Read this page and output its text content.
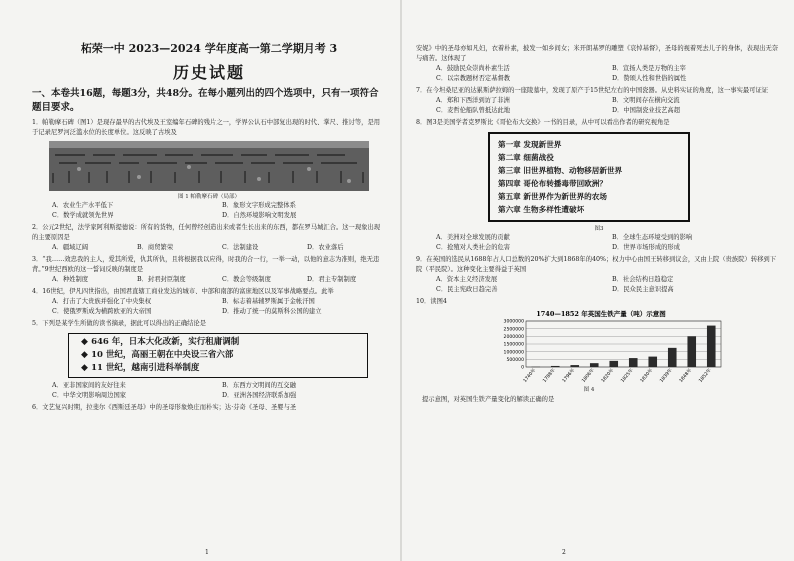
柘荣一中 2023—2024 学年度高一第二学期月考 3
历史试题
一、本卷共16题，每题3分，共48分。在每小题列出的四个选项中，只有一项符合题目要求。
1．帕勒摩石碑（图1）是现存最早的古代埃及王室编年石碑的残片之一，学界公认石中部复出现的时代、掌尺、推讨等，是用于记录尼罗河泛滥水位的长度单位。这反映了古埃及
图 1 帕勒摩石碑（局部）
A．农业生产水平低下	B．象形文字形成完整体系
C．数学成就领先世界	D．自然环境影响文明发展
2．公元2世纪，法学家阿利斯提德说：所有的货物，任何曾经创造出来或者生长出来的东西，都在罗马城汇合。这一现象出现的主要原因是
A．疆域辽阔	B．商贸繁荣	C．法制建设	D．农业落后
3．“我……效忠我的主人，爱其所爱，仇其所仇，且将根据我以应得，时我的合一行，一举一动，以他的意志为准则，绝无违背。”9世纪西欧的这一誓词反映的制度是
A．种姓制度	B．封君封臣制度	C．教会等级制度	D．君主专制制度
4．16世纪，伊凡四世指出，由国君直辖工商业发达的城市、中部和南部的富庶地区以及军事战略要点。此举
A．打击了大贵族并强化了中央集权	B．标志着基辅罗斯属于金帐汗国
C．使俄罗斯成为横跨欧亚的大帝国	D．推动了统一的莫斯科公国的建立
5．下列是某学生所做的读书摘录，据此可以得出的正确结论是
◆ 646 年，日本大化改新，实行租庸调制
◆ 10 世纪，高丽王朝在中央设三省六部
◆ 11 世纪，越南引进科举制度
A．亚非国家间的友好往来	B．东西方文明间的互交融
C．中华文明影响周边国家	D．亚洲各国经济联系加强
6．文艺复兴时期，拉斐尔《西斯廷圣母》中的圣母形象焕庄而朴实；达·芬奇《圣母、圣婴与圣
1
安妮》中的圣母亦如凡妇，衣着朴素，披发一如乡间女；米开朗基罗的雕塑《哀悼基督》，圣母的视着死去儿子的身体，表现出无奈与痛苦。这体现了
A．鼓励民众崇尚朴素生活	B．宣扬人类是万物的主宰
C．以宗教题材否定基督教	D．赞颂人性和世俗的属性
7．在今坦桑尼亚的达累斯萨拉姆的一座陵墓中，发现了原产于15世纪左右的中国瓷器。从史料实证的角度，这一事实最可证证
A．郑和下西洋到访了非洲	B．文明间存在横向交流
C．麦哲伦船队曾抵达此地	D．中国制瓷业技艺高超
8．图3是美国学者克罗斯比《哥伦布大交换》一书的目录，从中可以看出作者的研究视角是
第一章 发现新世界
第二章 细菌战役
第三章 旧世界植物、动物移居新世界
第四章 哥伦布转播毒带回欧洲？
第五章 新世界作为新世界的农场
第六章 生物多样性遭破坏
图3
A．美洲对全球发展的贡献	B．全球生态环境受到的影响
C．抢殖对人类社会的危害	D．世界市场形成的形成
9．在英国的选民从1688年占人口总数的20%扩大到1868年的40%；权力中心由国王转移到议会，又由上院（贵族院）转移到下院（平民院）。这种变化主要得益于英国
A．资本主义经济发展	B．社会结构日趋稳定
C．民主宪政日趋完善	D．民众民主意识提高
10．读图4
1740—1852 年英国生铁产量（吨）示意图
3000000
2500000
2000000
1500000
1000000
500000
0
1740年	1788年	1796年	1806年	1820年	1825年	1830年	1839年	1848年	1852年
图 4
提示意图，对英国生铁产量变化的解读正确的是
2
